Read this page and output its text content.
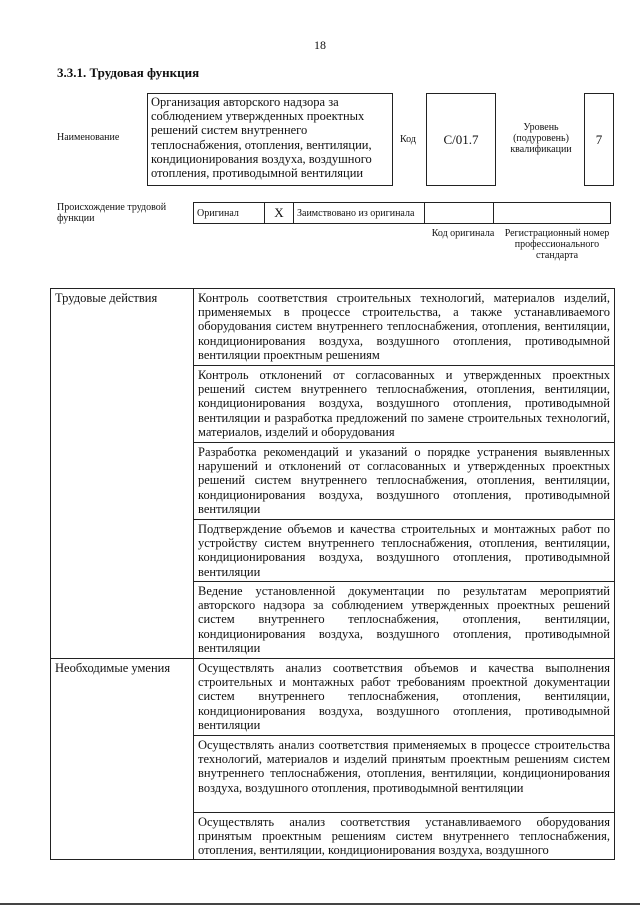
18
3.3.1. Трудовая функция
Наименование
Организация авторского надзора за соблюдением утвержденных проектных решений систем внутреннего теплоснабжения, отопления, вентиляции, кондиционирования воздуха, воздушного отопления, противодымной вентиляции
Код С/01.7
Уровень (подуровень) квалификации
7
Происхождение трудовой функции	Оригинал	X	Заимствовано из оригинала		
Код оригинала	Регистрационный номер профессионального стандарта
Трудовые действия	Контроль соответствия строительных технологий, материалов изделий, применяемых в процессе строительства, а также устанавливаемого оборудования систем внутреннего теплоснабжения, отопления, вентиляции, кондиционирования воздуха, воздушного отопления, противодымной вентиляции проектным решениям
	Контроль отклонений от согласованных и утвержденных проектных решений систем внутреннего теплоснабжения, отопления, вентиляции, кондиционирования воздуха, воздушного отопления, противодымной вентиляции и разработка предложений по замене строительных технологий, материалов, изделий и оборудования
	Разработка рекомендаций и указаний о порядке устранения выявленных нарушений и отклонений от согласованных и утвержденных проектных решений систем внутреннего теплоснабжения, отопления, вентиляции, кондиционирования воздуха, воздушного отопления, противодымной вентиляции
	Подтверждение объемов и качества строительных и монтажных работ по устройству систем внутреннего теплоснабжения, отопления, вентиляции, кондиционирования воздуха, воздушного отопления, противодымной вентиляции
	Ведение установленной документации по результатам мероприятий авторского надзора за соблюдением утвержденных проектных решений систем внутреннего теплоснабжения, отопления, вентиляции, кондиционирования воздуха, воздушного отопления, противодымной вентиляции
Необходимые умения	Осуществлять анализ соответствия объемов и качества выполнения строительных и монтажных работ требованиям проектной документации систем внутреннего теплоснабжения, отопления, вентиляции, кондиционирования воздуха, воздушного отопления, противодымной вентиляции
	Осуществлять анализ соответствия применяемых в процессе строительства технологий, материалов и изделий принятым проектным решениям систем внутреннего теплоснабжения, отопления, вентиляции, кондиционирования воздуха, воздушного отопления, противодымной вентиляции
	Осуществлять анализ соответствия устанавливаемого оборудования принятым проектным решениям систем внутреннего теплоснабжения, отопления, вентиляции, кондиционирования воздуха, воздушного
